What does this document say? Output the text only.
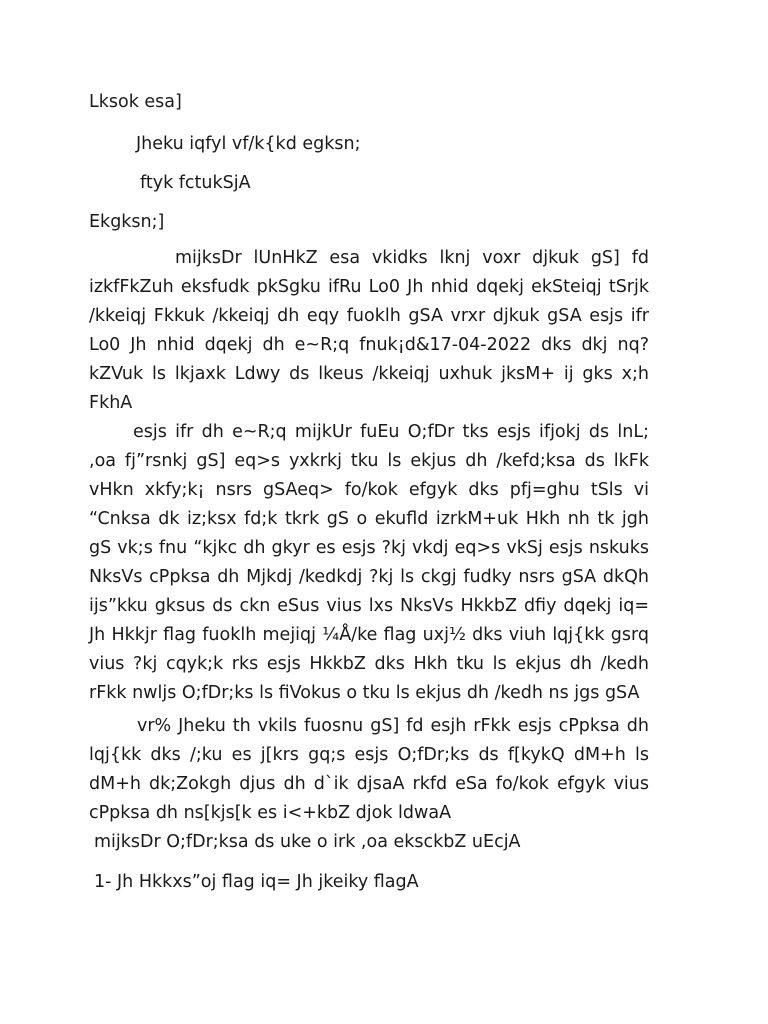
Lksok esa]
Jheku iqfyl vf/k{kd egksn;
ftyk fctukSjA
Ekgksn;]
mijksDr lUnHkZ esa vkidks lknj voxr djkuk gS] fd izkfFkZuh eksfudk pkSgku ifRu Lo0 Jh nhid dqekj ekSteiqj tSrjk /kkeiqj Fkkuk /kkeiqj dh eqy fuoklh gSA vrxr djkuk gSA esjs ifr Lo0 Jh nhid dqekj dh e~R;q fnuk¡d&17-04-2022 dks dkj nq?kZVuk ls lkjaxk Ldwy ds lkeus /kkeiqj uxhuk jksM+ ij gks x;h FkhA
esjs ifr dh e~R;q mijkUr fuEu O;fDr tks esjs ifjokj ds lnL; ,oa fj”rsnkj gS] eq>s yxkrkj tku ls ekjus dh /kefd;ksa ds lkFk vHkn xkfy;k¡ nsrs gSAeq> fo/kok efgyk dks pfj=ghu tSls vi “Cnksa dk iz;ksx fd;k tkrk gS o ekufld izrkM+uk Hkh nh tk jgh gS vk;s fnu “kjkc dh gkyr es esjs ?kj vkdj eq>s vkSj esjs nskuks NksVs cPpksa dh Mjkdj /kedkdj ?kj ls ckgj fudky nsrs gSA dkQh ijs”kku gksus ds ckn eSus vius lxs NksVs HkkbZ dfiy dqekj iq= Jh Hkkjr flag fuoklh mejiqj ¼Å/ke flag uxj½ dks viuh lqj{kk gsrq vius ?kj cqyk;k rks esjs HkkbZ dks Hkh tku ls ekjus dh /kedh rFkk nwljs O;fDr;ks ls fiVokus o tku ls ekjus dh /kedh ns jgs gSA
vr% Jheku th vkils fuosnu gS] fd esjh rFkk esjs cPpksa dh lqj{kk dks /;ku es j[krs gq;s esjs O;fDr;ks ds f[kykQ dM+h ls dM+h dk;Zokgh djus dh d`ik djsaA rkfd eSa fo/kok efgyk vius cPpksa dh ns[kjs[k es i<+kbZ djok ldwaA
mijksDr O;fDr;ksa ds uke o irk ,oa eksckbZ uEcjA
1- Jh Hkkxs”oj flag iq= Jh jkeiky flagA
